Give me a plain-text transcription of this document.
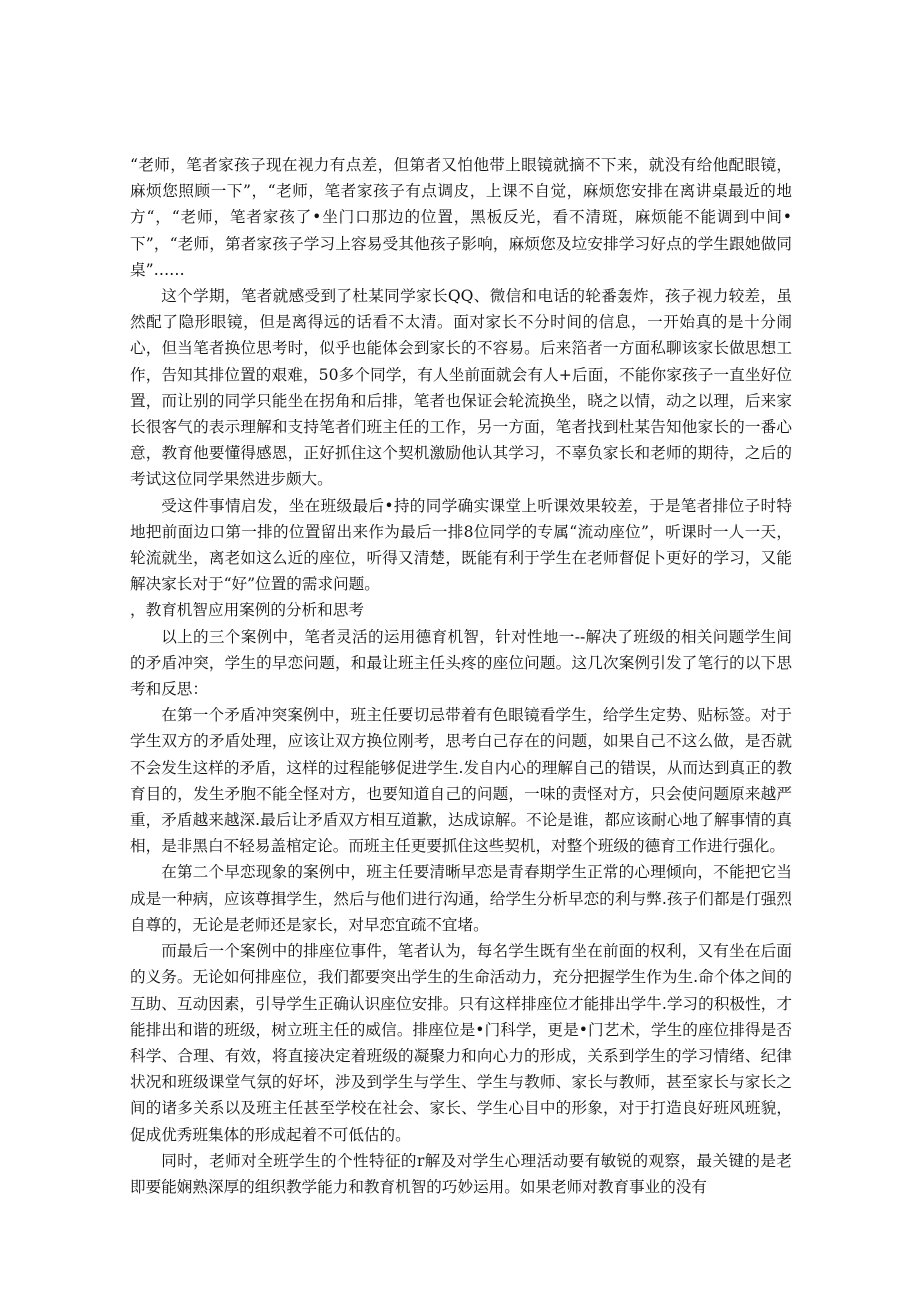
“老师，笔者家孩子现在视力有点差，但第者又怕他带上眼镜就摘不下来，就没有给他配眼镜，麻烦您照顾一下”，“老师，笔者家孩子有点调皮，上课不自觉，麻烦您安排在离讲桌最近的地方“，“老师，笔者家孩了•坐门口那边的位置，黑板反光，看不清斑，麻烦能不能调到中间•下”，“老师，第者家孩子学习上容易受其他孩子影响，麻烦您及垃安排学习好点的学生跟她做同桌”……

这个学期，笔者就感受到了杜某同学家长QQ、微信和电话的轮番轰炸，孩子视力较差，虽然配了隐形眼镜，但是离得远的话看不太清。面对家长不分时间的信息，一开始真的是十分闹心，但当笔者换位思考时，似乎也能体会到家长的不容易。后来箔者一方面私聊该家长做思想工作，告知其排位置的艰难，50多个同学，有人坐前面就会有人+后面，不能你家孩子一直坐好位置，而让别的同学只能坐在拐角和后排，笔者也保证会轮流换坐，晓之以情，动之以理，后来家长很客气的表示理解和支持笔者们班主任的工作，另一方面，笔者找到杜某告知他家长的一番心意，教育他要懂得感恩，正好抓住这个契机激励他认其学习，不辜负家长和老师的期待，之后的考试这位同学果然进步颇大。

受这件事情启发，坐在班级最后•持的同学确实课堂上听课效果较差，于是笔者排位子时特地把前面边口第一排的位置留出来作为最后一排8位同学的专属“流动座位”，听课时一人一天，轮流就坐，离老如这么近的座位，听得又清楚，既能有利于学生在老师督促卜更好的学习，又能解决家长对于“好”位置的需求问题。

，教育机智应用案例的分析和思考

以上的三个案例中，笔者灵活的运用德育机智，针对性地一--解决了班级的相关问题学生间的矛盾冲突，学生的早恋问题，和最让班主任头疼的座位问题。这几次案例引发了笔行的以下思考和反思：

在第一个矛盾冲突案例中，班主任要切忌带着有色眼镜看学生，给学生定势、贴标签。对于学生双方的矛盾处理，应该让双方换位刚考，思考白己存在的问题，如果自己不这么做，是否就不会发生这样的矛盾，这样的过程能够促进学生.发自内心的理解自己的错误，从而达到真正的教育目的，发生矛胞不能全怪对方，也要知道自己的问题，一味的责怪对方，只会使问题原来越严重，矛盾越来越深.最后让矛盾双方相互道歉，达成谅解。不论是谁，都应该耐心地了解事情的真相，是非黑白不轻易盖棺定论。而班主任更要抓住这些契机，对整个班级的德育工作进行强化。

在第二个早恋现象的案例中，班主任要清晰早恋是青春期学生正常的心理倾向，不能把它当成是一种病，应该尊揖学生，然后与他们进行沟通，给学生分析早恋的利与弊.孩子们都是仃强烈自尊的，无论是老师还是家长，对早恋宜疏不宜堵。

而最后一个案例中的排座位事件，笔者认为，每名学生既有坐在前面的权利，又有坐在后面的义务。无论如何排座位，我们都要突出学生的生命活动力，充分把握学生作为生.命个体之间的互助、互动因素，引导学生正确认识座位安排。只有这样排座位才能排出学牛.学习的积极性，才能排出和谐的班级，树立班主任的威信。排座位是•门科学，更是•门艺术，学生的座位排得是否科学、合理、有效，将直接决定着班级的凝聚力和向心力的形成，关系到学生的学习情绪、纪律状况和班级课堂气氛的好坏，涉及到学生与学生、学生与教师、家长与教师，甚至家长与家长之间的诸多关系以及班主任甚至学校在社会、家长、学生心目中的形象，对于打造良好班风班貌，促成优秀班集体的形成起着不可低估的。

同时，老师对全班学生的个性特征的r解及对学生心理活动要有敏锐的观察，最关键的是老即要能娴熟深厚的组织教学能力和教育机智的巧妙运用。如果老师对教育事业的没有
